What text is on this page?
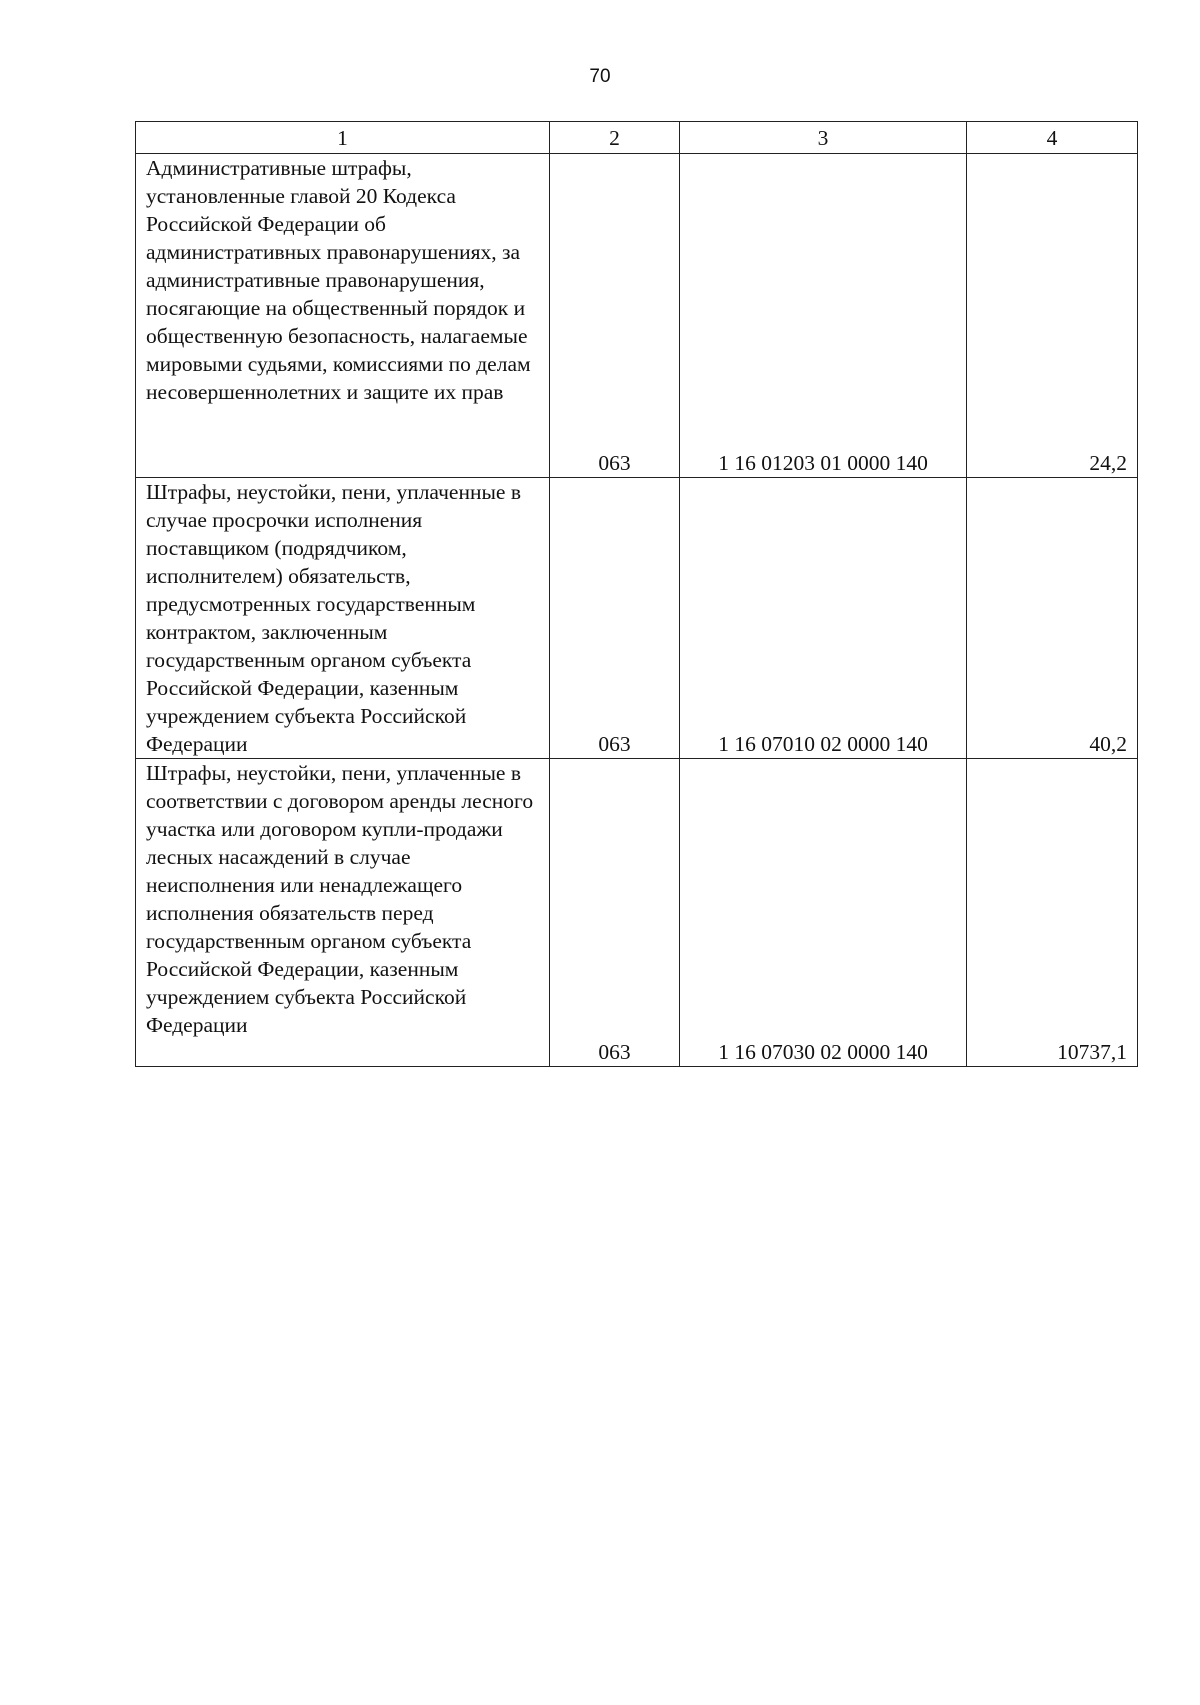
70
1	2	3	4
Административные штрафы, установленные главой 20 Кодекса Российской Федерации об административных правонарушениях, за административные правонарушения, посягающие на общественный порядок и общественную безопасность, налагаемые мировыми судьями, комиссиями по делам несовершеннолетних и защите их прав	063	1 16 01203 01 0000 140	24,2
Штрафы, неустойки, пени, уплаченные в случае просрочки исполнения поставщиком (подрядчиком, исполнителем) обязательств, предусмотренных государственным контрактом, заключенным государственным органом субъекта Российской Федерации, казенным учреждением субъекта Российской Федерации	063	1 16 07010 02 0000 140	40,2
Штрафы, неустойки, пени, уплаченные в соответствии с договором аренды лесного участка или договором купли-продажи лесных насаждений в случае неисполнения или ненадлежащего исполнения обязательств перед государственным органом субъекта Российской Федерации, казенным учреждением субъекта Российской Федерации	063	1 16 07030 02 0000 140	10737,1
